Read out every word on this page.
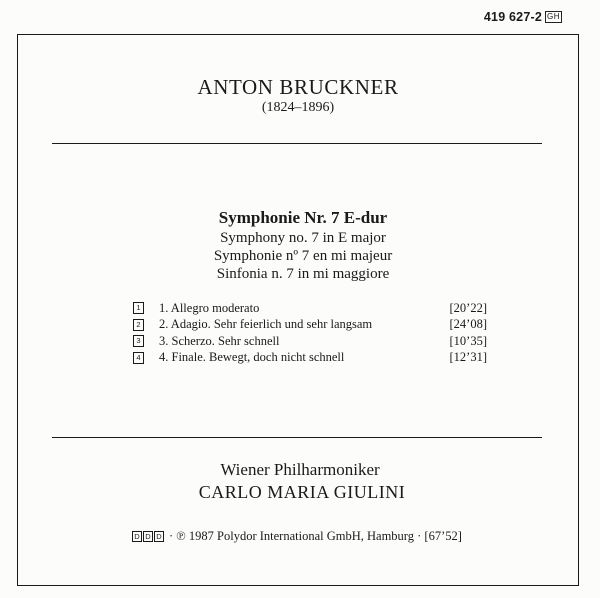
419 627-2 GH
ANTON BRUCKNER
(1824–1896)
Symphonie Nr. 7 E-dur
Symphony no. 7 in E major
Symphonie nº 7 en mi majeur
Sinfonia n. 7 in mi maggiore
1 1. Allegro moderato	[20’22]
2 2. Adagio. Sehr feierlich und sehr langsam	[24’08]
3 3. Scherzo. Sehr schnell	[10’35]
4 4. Finale. Bewegt, doch nicht schnell	[12’31]
Wiener Philharmoniker
CARLO MARIA GIULINI
D D D · ℗ 1987 Polydor International GmbH, Hamburg · [67’52]
